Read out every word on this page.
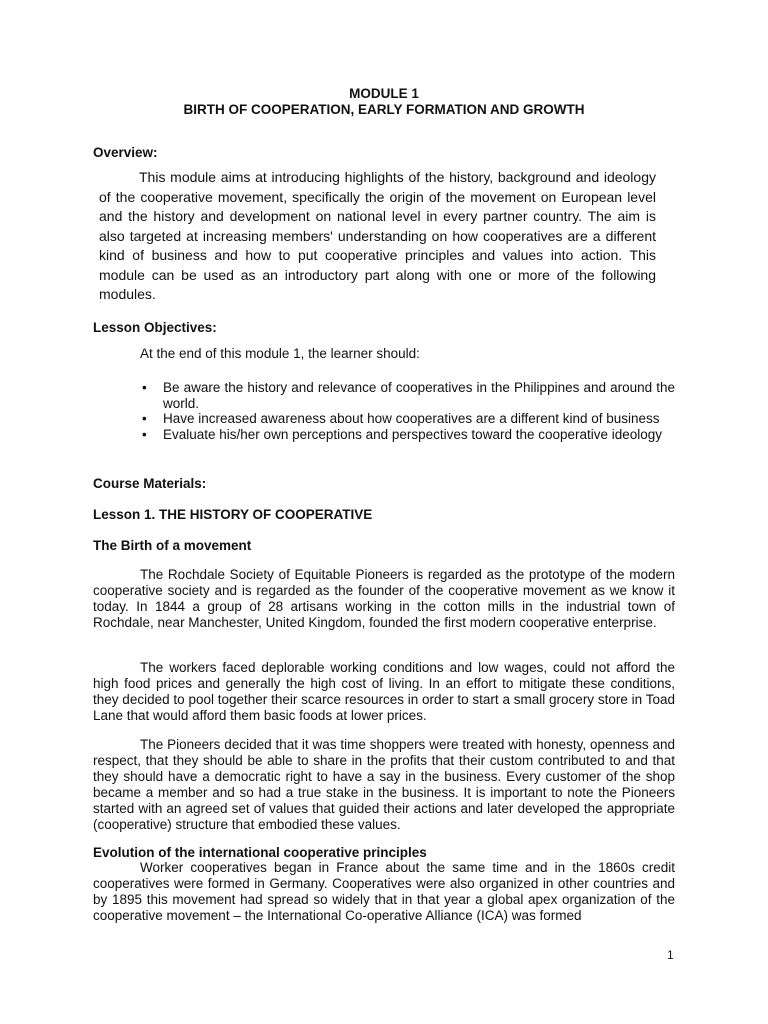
MODULE 1
BIRTH OF COOPERATION, EARLY FORMATION AND GROWTH
Overview:
This module aims at introducing highlights of the history, background and ideology of the cooperative movement, specifically the origin of the movement on European level and the history and development on national level in every partner country. The aim is also targeted at increasing members' understanding on how cooperatives are a different kind of business and how to put cooperative principles and values into action. This module can be used as an introductory part along with one or more of the following modules.
Lesson Objectives:
At the end of this module 1, the learner should:
• Be aware the history and relevance of cooperatives in the Philippines and around the world.
• Have increased awareness about how cooperatives are a different kind of business
• Evaluate his/her own perceptions and perspectives toward the cooperative ideology
Course Materials:
Lesson 1. THE HISTORY OF COOPERATIVE
The Birth of a movement
The Rochdale Society of Equitable Pioneers is regarded as the prototype of the modern cooperative society and is regarded as the founder of the cooperative movement as we know it today. In 1844 a group of 28 artisans working in the cotton mills in the industrial town of Rochdale, near Manchester, United Kingdom, founded the first modern cooperative enterprise.
The workers faced deplorable working conditions and low wages, could not afford the high food prices and generally the high cost of living. In an effort to mitigate these conditions, they decided to pool together their scarce resources in order to start a small grocery store in Toad Lane that would afford them basic foods at lower prices.
The Pioneers decided that it was time shoppers were treated with honesty, openness and respect, that they should be able to share in the profits that their custom contributed to and that they should have a democratic right to have a say in the business. Every customer of the shop became a member and so had a true stake in the business. It is important to note the Pioneers started with an agreed set of values that guided their actions and later developed the appropriate (cooperative) structure that embodied these values.
Evolution of the international cooperative principles
Worker cooperatives began in France about the same time and in the 1860s credit cooperatives were formed in Germany. Cooperatives were also organized in other countries and by 1895 this movement had spread so widely that in that year a global apex organization of the cooperative movement – the International Co-operative Alliance (ICA) was formed
1
